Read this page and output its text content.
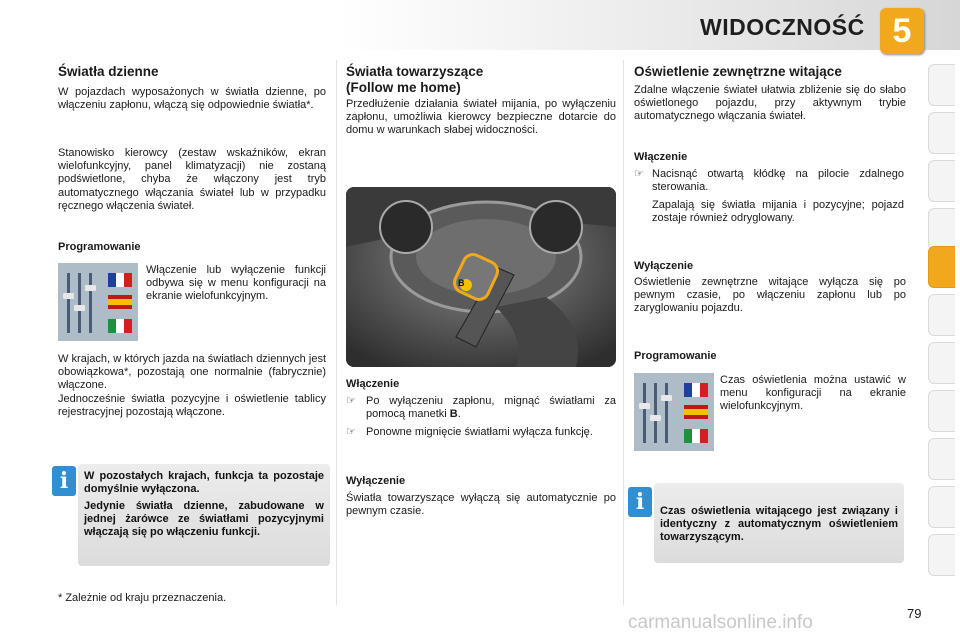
WIDOCZNOŚĆ 5
Światła dzienne

W pojazdach wyposażonych w światła dzienne, po włączeniu zapłonu, włączą się odpowiednie światła*.

Stanowisko kierowcy (zestaw wskaźników, ekran wielofunkcyjny, panel klimatyzacji) nie zostaną podświetlone, chyba że włączony jest tryb automatycznego włączania świateł lub w przypadku ręcznego włączenia świateł.

Programowanie

Włączenie lub wyłączenie funkcji odbywa się w menu konfiguracji na ekranie wielofunkcyjnym.

W krajach, w których jazda na światłach dziennych jest obowiązkowa*, pozostają one normalnie (fabrycznie) włączone.

Jednocześnie światła pozycyjne i oświetlenie tablicy rejestracyjnej pozostają włączone.

i	W pozostałych krajach, funkcja ta pozostaje domyślnie wyłączona.
Jedynie światła dzienne, zabudowane w jednej żarówce ze światłami pozycyjnymi włączają się po włączeniu funkcji.
* Zależnie od kraju przeznaczenia.
Światła towarzyszące
(Follow me home)

Przedłużenie działania świateł mijania, po wyłączeniu zapłonu, umożliwia kierowcy bezpieczne dotarcie do domu w warunkach słabej widoczności.

B
Włączenie
☞ Po wyłączeniu zapłonu, mignąć światłami za pomocą manetki B.
☞ Ponowne mignięcie światłami wyłącza funkcję.
Wyłączenie

Światła towarzyszące wyłączą się automatycznie po pewnym czasie.

Oświetlenie zewnętrzne witające

Zdalne włączenie świateł ułatwia zbliżenie się do słabo oświetlonego pojazdu, przy aktywnym trybie automatycznego włączania świateł.

Włączenie
☞ Nacisnąć otwartą kłódkę na pilocie zdalnego sterowania.
Zapalają się światła mijania i pozycyjne; pojazd zostaje również odryglowany.
Wyłączenie

Oświetlenie zewnętrzne witające wyłącza się po pewnym czasie, po włączeniu zapłonu lub po zaryglowaniu pojazdu.

Programowanie

Czas oświetlenia można ustawić w menu konfiguracji na ekranie wielofunkcyjnym.

i	Czas oświetlenia witającego jest związany i identyczny z automatycznym oświetleniem towarzyszącym.
carmanualsonline.info	79
